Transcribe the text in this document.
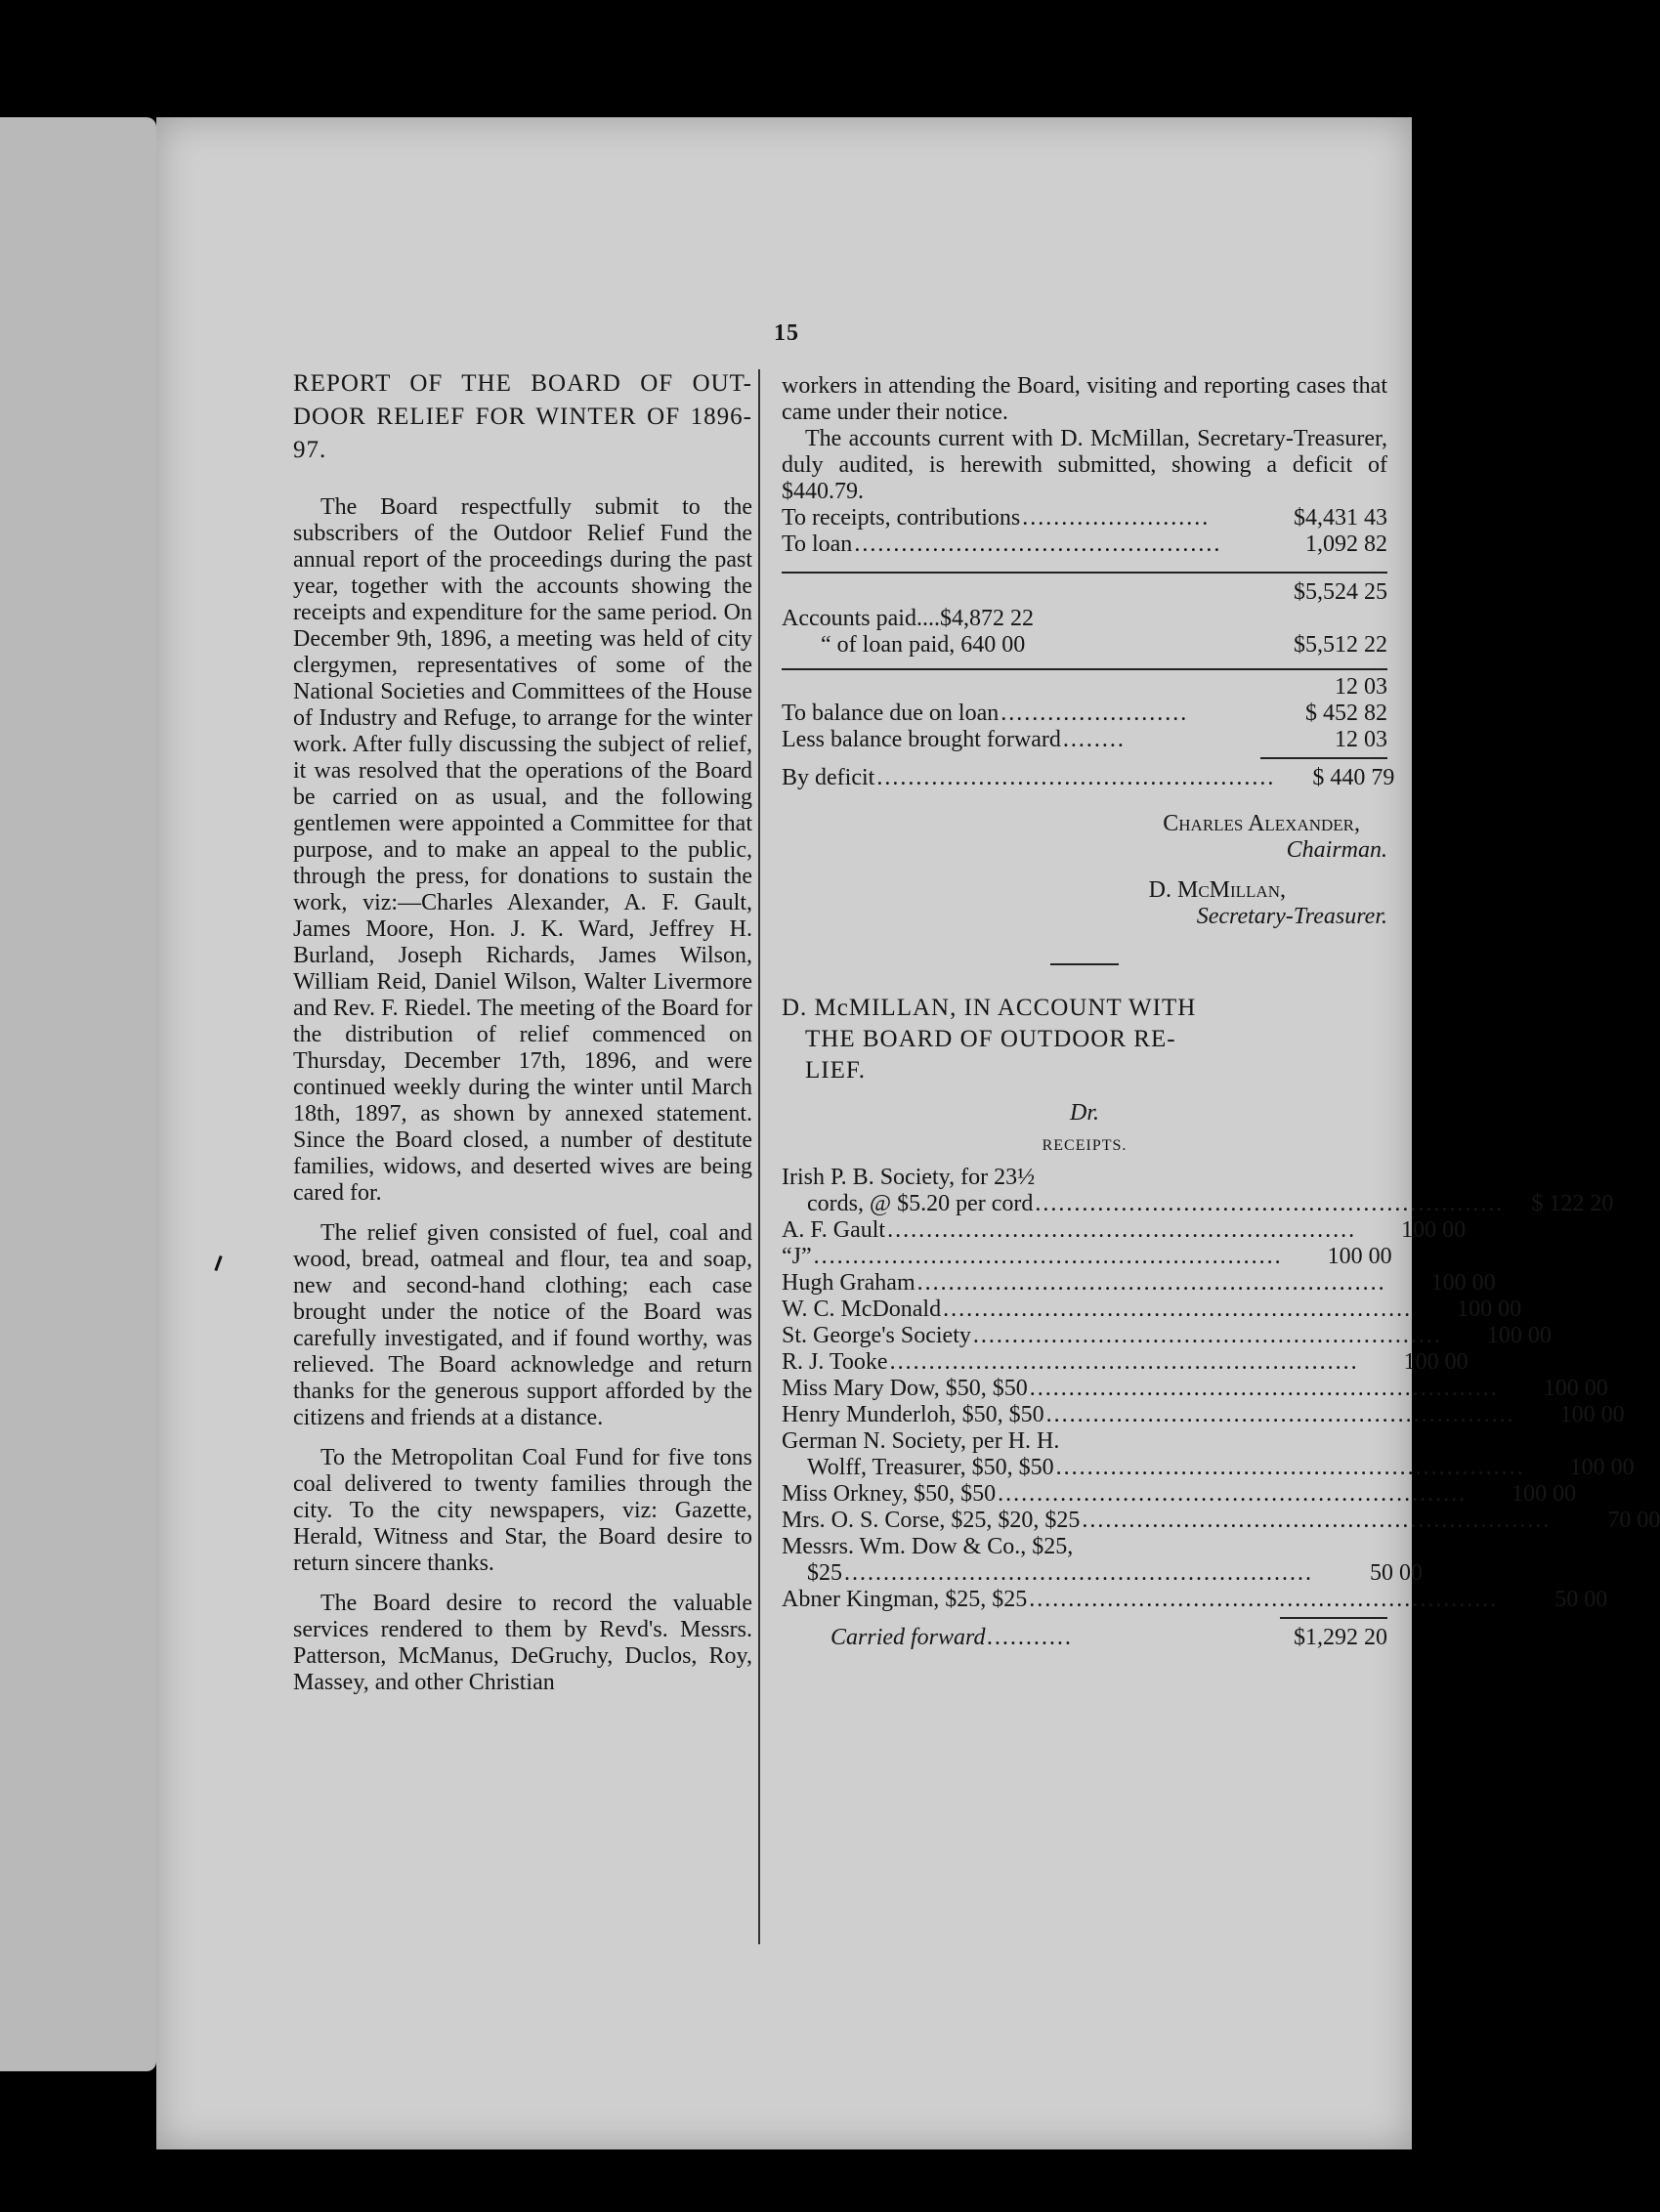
15
REPORT OF THE BOARD OF OUT-DOOR RELIEF FOR WINTER OF 1896-97.

The Board respectfully submit to the subscribers of the Outdoor Relief Fund the annual report of the proceedings during the past year, together with the accounts showing the receipts and expenditure for the same period. On December 9th, 1896, a meeting was held of city clergymen, representatives of some of the National Societies and Committees of the House of Industry and Refuge, to arrange for the winter work. After fully discussing the subject of relief, it was resolved that the operations of the Board be carried on as usual, and the following gentlemen were appointed a Committee for that purpose, and to make an appeal to the public, through the press, for donations to sustain the work, viz:—Charles Alexander, A. F. Gault, James Moore, Hon. J. K. Ward, Jeffrey H. Burland, Joseph Richards, James Wilson, William Reid, Daniel Wilson, Walter Livermore and Rev. F. Riedel. The meeting of the Board for the distribution of relief commenced on Thursday, December 17th, 1896, and were continued weekly during the winter until March 18th, 1897, as shown by annexed statement. Since the Board closed, a number of destitute families, widows, and deserted wives are being cared for.

The relief given consisted of fuel, coal and wood, bread, oatmeal and flour, tea and soap, new and second-hand clothing; each case brought under the notice of the Board was carefully investigated, and if found worthy, was relieved. The Board acknowledge and return thanks for the generous support afforded by the citizens and friends at a distance.

To the Metropolitan Coal Fund for five tons coal delivered to twenty families through the city. To the city newspapers, viz: Gazette, Herald, Witness and Star, the Board desire to return sincere thanks.

The Board desire to record the valuable services rendered to them by Revd's. Messrs. Patterson, McManus, DeGruchy, Duclos, Roy, Massey, and other Christian

workers in attending the Board, visiting and reporting cases that came under their notice.

The accounts current with D. McMillan, Secretary-Treasurer, duly audited, is herewith submitted, showing a deficit of $440.79.

To receipts, contributions ........................	$4,431 43
To loan ...............................................	1,092 82
$5,524 25
Accounts paid....$4,872 22
“ of loan paid, 640 00	$5,512 22
12 03
To balance due on loan ........................	$ 452 82
Less balance brought forward ........	12 03
By deficit ...................................................	$ 440 79
Charles Alexander,
Chairman.
D. McMillan,
Secretary-Treasurer.
D. McMILLAN, IN ACCOUNT WITH
THE BOARD OF OUTDOOR RE-
LIEF.
Dr.
RECEIPTS.
Irish P. B. Society, for 23½
cords, @ $5.20 per cord ............................................................	$ 122 20
A. F. Gault ............................................................	100 00
“J” ............................................................	100 00
Hugh Graham ............................................................	100 00
W. C. McDonald ............................................................	100 00
St. George's Society ............................................................	100 00
R. J. Tooke ............................................................	100 00
Miss Mary Dow, $50, $50 ............................................................	100 00
Henry Munderloh, $50, $50 ............................................................	100 00
German N. Society, per H. H.
Wolff, Treasurer, $50, $50 ............................................................	100 00
Miss Orkney, $50, $50 ............................................................	100 00
Mrs. O. S. Corse, $25, $20, $25 ............................................................	70 00
Messrs. Wm. Dow & Co., $25,
$25 ............................................................	50 00
Abner Kingman, $25, $25 ............................................................	50 00
Carried forward ...........	$1,292 20
